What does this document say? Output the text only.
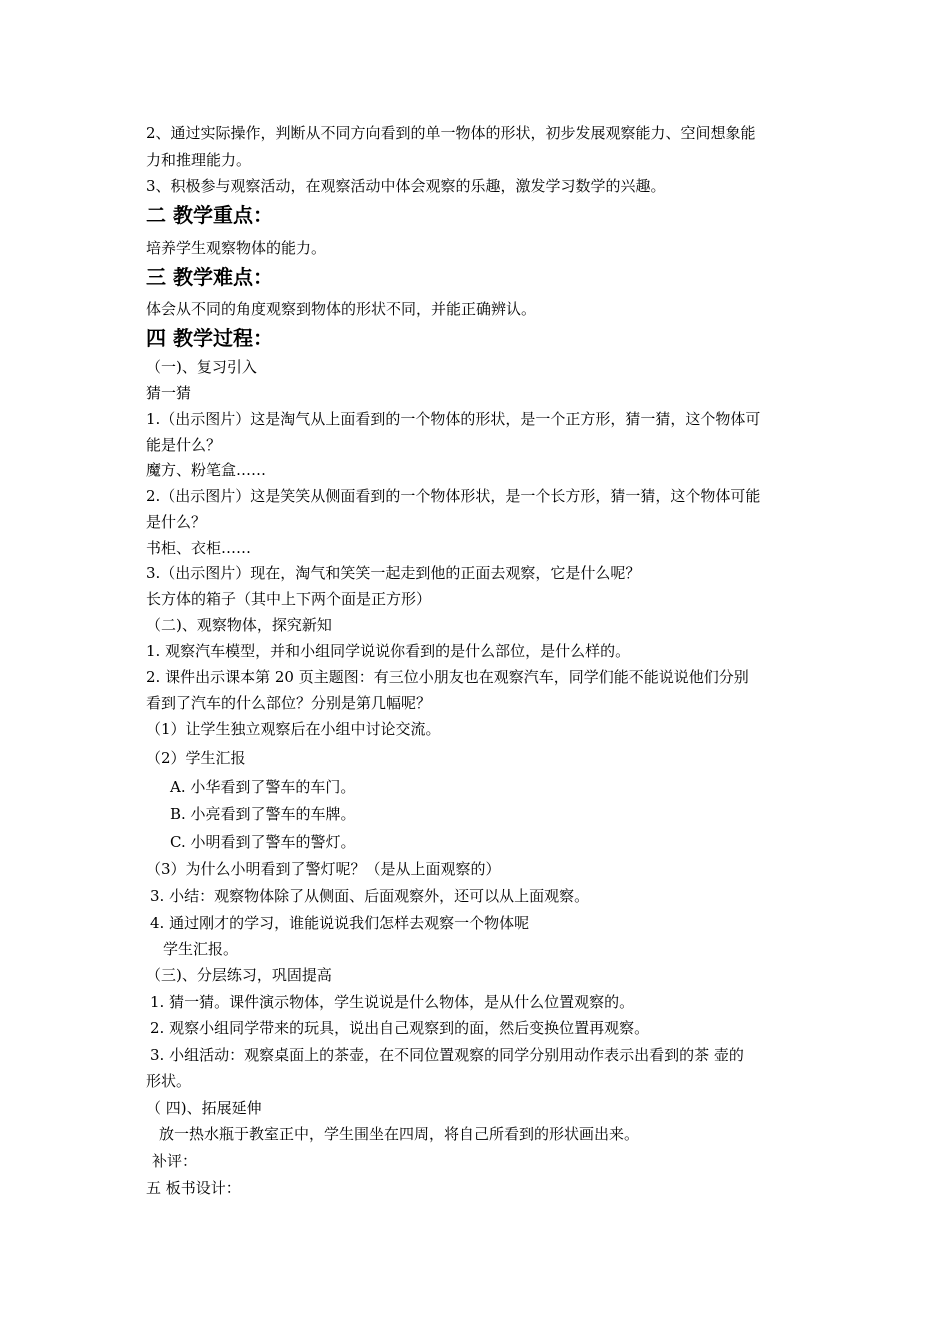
2、通过实际操作，判断从不同方向看到的单一物体的形状，初步发展观察能力、空间想象能
力和推理能力。
3、积极参与观察活动，在观察活动中体会观察的乐趣，激发学习数学的兴趣。
二 教学重点：
培养学生观察物体的能力。
三 教学难点：
体会从不同的角度观察到物体的形状不同，并能正确辨认。
四 教学过程：
（一)、复习引入
猜一猜
1.（出示图片）这是淘气从上面看到的一个物体的形状，是一个正方形，猜一猜，这个物体可
能是什么？
魔方、粉笔盒……
2.（出示图片）这是笑笑从侧面看到的一个物体形状，是一个长方形，猜一猜，这个物体可能
是什么？
书柜、衣柜……
3.（出示图片）现在，淘气和笑笑一起走到他的正面去观察，它是什么呢？
长方体的箱子（其中上下两个面是正方形）
（二)、观察物体，探究新知
1. 观察汽车模型，并和小组同学说说你看到的是什么部位，是什么样的。
2. 课件出示课本第 20 页主题图：有三位小朋友也在观察汽车，同学们能不能说说他们分别
看到了汽车的什么部位？分别是第几幅呢？
（1）让学生独立观察后在小组中讨论交流。
（2）学生汇报
A. 小华看到了警车的车门。
B. 小亮看到了警车的车牌。
C. 小明看到了警车的警灯。
（3）为什么小明看到了警灯呢？（是从上面观察的）
3. 小结：观察物体除了从侧面、后面观察外，还可以从上面观察。
4. 通过刚才的学习，谁能说说我们怎样去观察一个物体呢
学生汇报。
（三)、分层练习，巩固提高
1. 猜一猜。课件演示物体，学生说说是什么物体，是从什么位置观察的。
2. 观察小组同学带来的玩具，说出自己观察到的面，然后变换位置再观察。
3. 小组活动：观察桌面上的茶壶，在不同位置观察的同学分别用动作表示出看到的茶 壶的
形状。
（ 四)、拓展延伸
放一热水瓶于教室正中，学生围坐在四周，将自己所看到的形状画出来。
补评：
五 板书设计：
